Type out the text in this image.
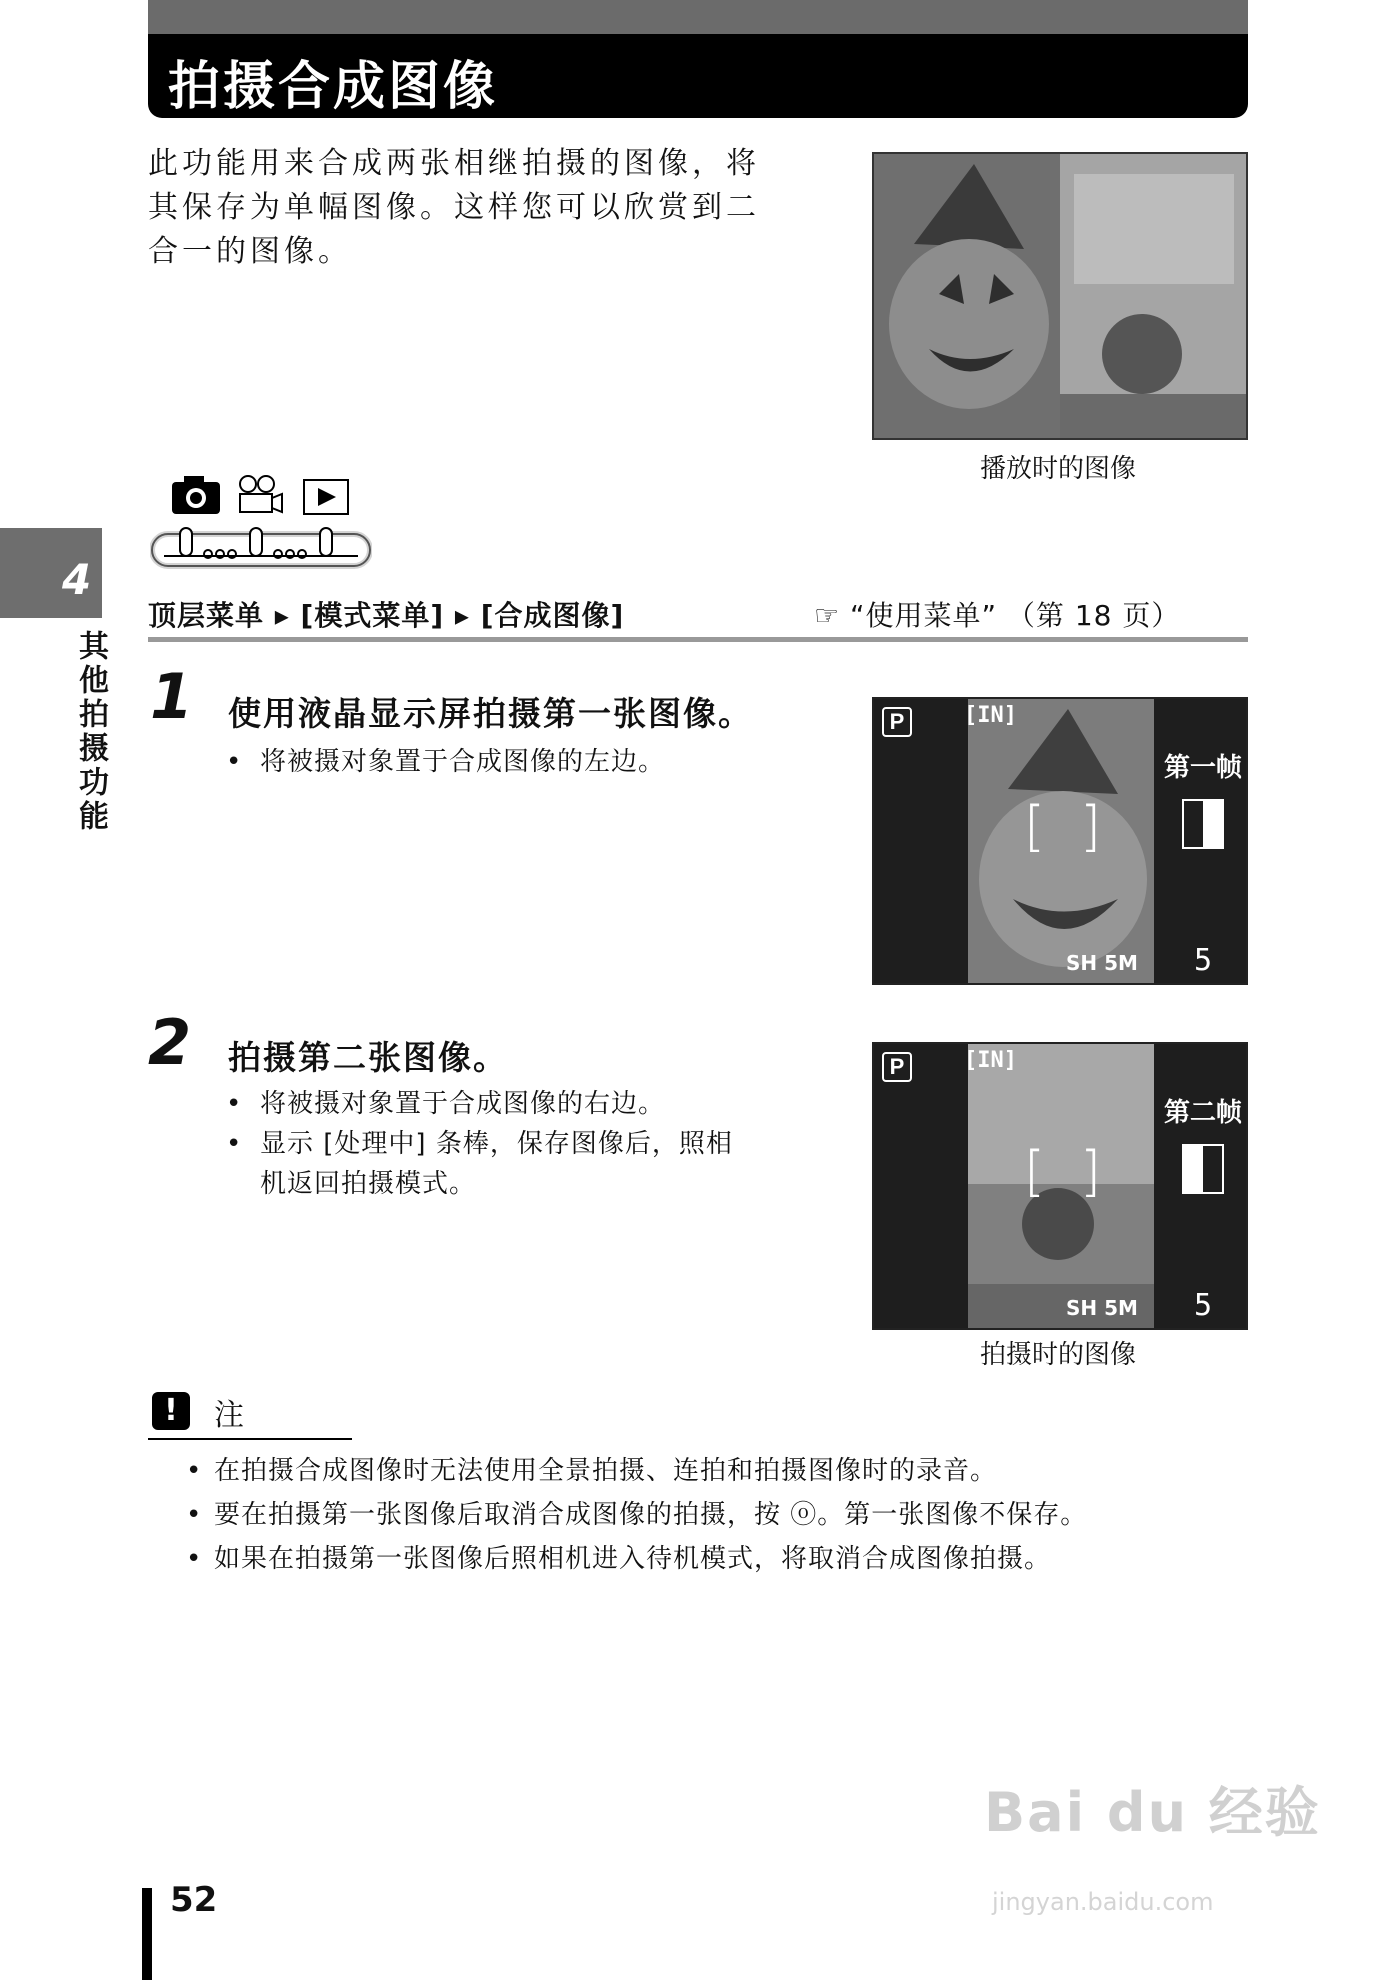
拍摄合成图像
此功能用来合成两张相继拍摄的图像，将
其保存为单幅图像。这样您可以欣赏到二
合一的图像。
播放时的图像
4
其他拍摄功能
顶层菜单 ▸ [模式菜单] ▸ [合成图像]	☞ “使用菜单” （第 18 页）
1 使用液晶显示屏拍摄第一张图像。
• 将被摄对象置于合成图像的左边。
P	[IN]
[ ]
第一帧
SH 5M 5
2 拍摄第二张图像。
• 将被摄对象置于合成图像的右边。
• 显示 [处理中] 条棒，保存图像后，照相
机返回拍摄模式。
P	[IN]
[ ]
第二帧
SH 5M 5
拍摄时的图像
!	注
• 在拍摄合成图像时无法使用全景拍摄、连拍和拍摄图像时的录音。
• 要在拍摄第一张图像后取消合成图像的拍摄，按 ⓞ。第一张图像不保存。
• 如果在拍摄第一张图像后照相机进入待机模式，将取消合成图像拍摄。
52
Bai du 经验
jingyan.baidu.com
